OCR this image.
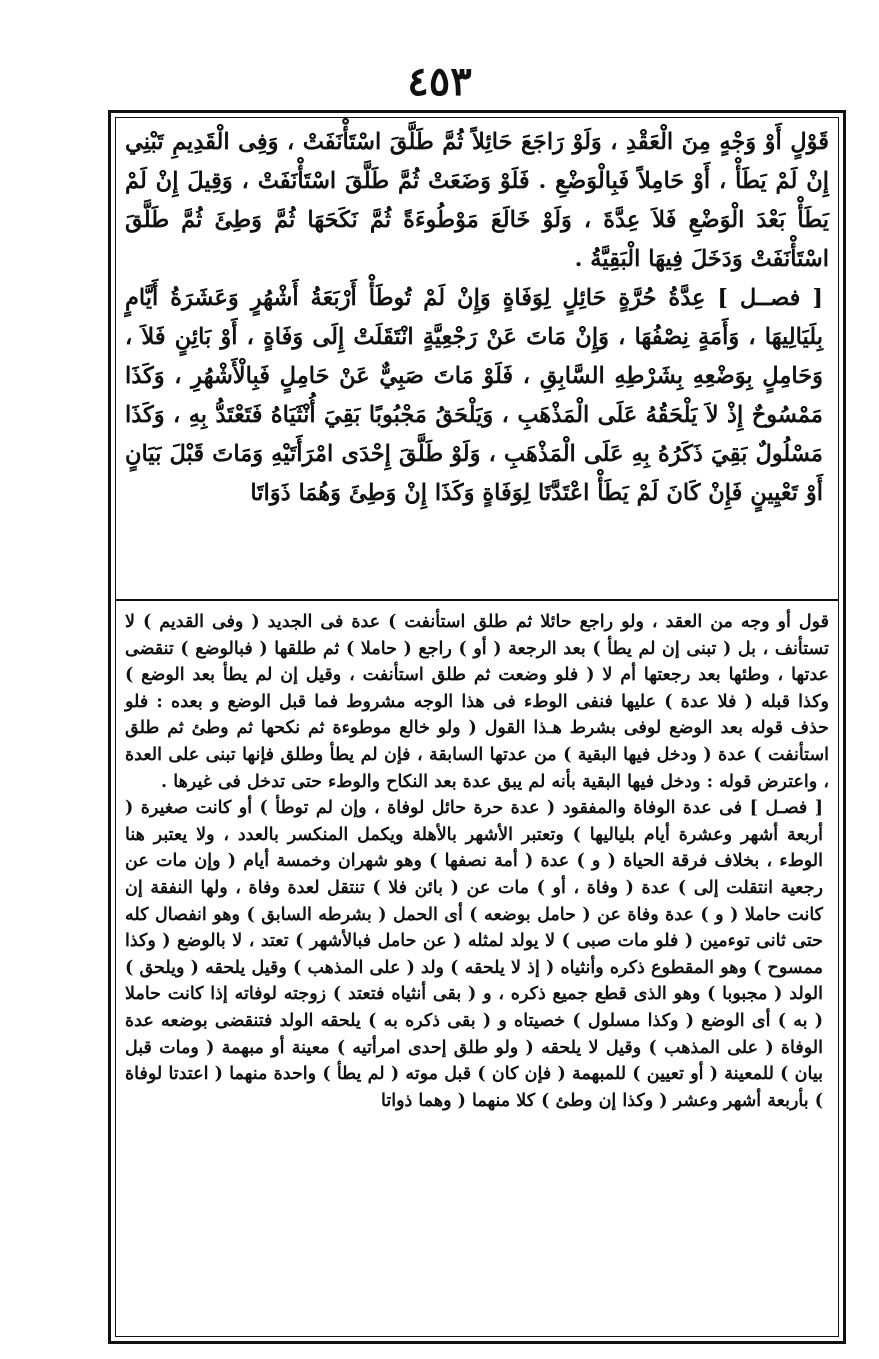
٤٥٣

قَوْلٍ أَوْ وَجْهٍ مِنَ الْعَقْدِ ، وَلَوْ رَاجَعَ حَائِلاً ثُمَّ طَلَّقَ اسْتَأْنَفَتْ ، وَفِى الْقَدِيمِ تَبْنِي إِنْ لَمْ يَطَأْ ، أَوْ حَامِلاً فَبِالْوَضْعِ . فَلَوْ وَضَعَتْ ثُمَّ طَلَّقَ اسْتَأْنَفَتْ ، وَقِيلَ إِنْ لَمْ يَطَأْ بَعْدَ الْوَضْعِ فَلاَ عِدَّةَ ، وَلَوْ خَالَعَ مَوْطُوءَةً ثُمَّ نَكَحَهَا ثُمَّ وَطِئَ ثُمَّ طَلَّقَ اسْتَأْنَفَتْ وَدَخَلَ فِيهَا الْبَقِيَّةُ .

[ فصــل ] عِدَّةُ حُرَّةٍ حَائِلٍ لِوَفَاةٍ وَإِنْ لَمْ تُوطَأْ أَرْبَعَةُ أَشْهُرٍ وَعَشَرَةُ أَيَّامٍ بِلَيَالِيهَا ، وَأَمَةٍ نِصْفُهَا ، وَإِنْ مَاتَ عَنْ رَجْعِيَّةٍ انْتَقَلَتْ إِلَى وَفَاةٍ ، أَوْ بَائِنٍ فَلاَ ، وَحَامِلٍ بِوَضْعِهِ بِشَرْطِهِ السَّابِقِ ، فَلَوْ مَاتَ صَبِيٌّ عَنْ حَامِلٍ فَبِالْأَشْهُرِ ، وَكَذَا مَمْسُوحٌ إِذْ لاَ يَلْحَقُهُ عَلَى الْمَذْهَبِ ، وَيَلْحَقُ مَجْبُوبًا بَقِيَ أُنْثَيَاهُ فَتَعْتَدُّ بِهِ ، وَكَذَا مَسْلُولٌ بَقِيَ ذَكَرُهُ بِهِ عَلَى الْمَذْهَبِ ، وَلَوْ طَلَّقَ إِحْدَى امْرَأَتَيْهِ وَمَاتَ قَبْلَ بَيَانٍ أَوْ تَعْيِينٍ فَإِنْ كَانَ لَمْ يَطَأْ اعْتَدَّتَا لِوَفَاةٍ وَكَذَا إِنْ وَطِئَ وَهُمَا ذَوَاتَا

قول أو وجه من العقد ، ولو راجع حائلا ثم طلق استأنفت ) عدة فى الجديد ( وفى القديم ) لا تستأنف ، بل ( تبنى إن لم يطأ ) بعد الرجعة ( أو ) راجع ( حاملا ) ثم طلقها ( فبالوضع ) تنقضى عدتها ، وطئها بعد رجعتها أم لا ( فلو وضعت ثم طلق استأنفت ، وقيل إن لم يطأ بعد الوضع ) وكذا قبله ( فلا عدة ) عليها فنفى الوطء فى هذا الوجه مشروط فما قبل الوضع و بعده : فلو حذف قوله بعد الوضع لوفى بشرط هـذا القول ( ولو خالع موطوءة ثم نكحها ثم وطئ ثم طلق استأنفت ) عدة ( ودخل فيها البقية ) من عدتها السابقة ، فإن لم يطأ وطلق فإنها تبنى على العدة ، واعترض قوله : ودخل فيها البقية بأنه لم يبق عدة بعد النكاح والوطء حتى تدخل فى غيرها .

[ فصـل ] فى عدة الوفاة والمفقود ( عدة حرة حائل لوفاة ، وإن لم توطأ ) أو كانت صغيرة ( أربعة أشهر وعشرة أيام بلياليها ) وتعتبر الأشهر بالأهلة ويكمل المنكسر بالعدد ، ولا يعتبر هنا الوطء ، بخلاف فرقة الحياة ( و ) عدة ( أمة نصفها ) وهو شهران وخمسة أيام ( وإن مات عن رجعية انتقلت إلى ) عدة ( وفاة ، أو ) مات عن ( بائن فلا ) تنتقل لعدة وفاة ، ولها النفقة إن كانت حاملا ( و ) عدة وفاة عن ( حامل بوضعه ) أى الحمل ( بشرطه السابق ) وهو انفصال كله حتى ثانى توءمين ( فلو مات صبى ) لا يولد لمثله ( عن حامل فبالأشهر ) تعتد ، لا بالوضع ( وكذا ممسوح ) وهو المقطوع ذكره وأنثياه ( إذ لا يلحقه ) ولد ( على المذهب ) وقيل يلحقه ( ويلحق ) الولد ( مجبوبا ) وهو الذى قطع جميع ذكره ، و ( بقى أنثياه فتعتد ) زوجته لوفاته إذا كانت حاملا ( به ) أى الوضع ( وكذا مسلول ) خصيتاه و ( بقى ذكره به ) يلحقه الولد فتنقضى بوضعه عدة الوفاة ( على المذهب ) وقيل لا يلحقه ( ولو طلق إحدى امرأتيه ) معينة أو مبهمة ( ومات قبل بيان ) للمعينة ( أو تعيين ) للمبهمة ( فإن كان ) قبل موته ( لم يطأ ) واحدة منهما ( اعتدتا لوفاة ) بأربعة أشهر وعشر ( وكذا إن وطئ ) كلا منهما ( وهما ذواتا
